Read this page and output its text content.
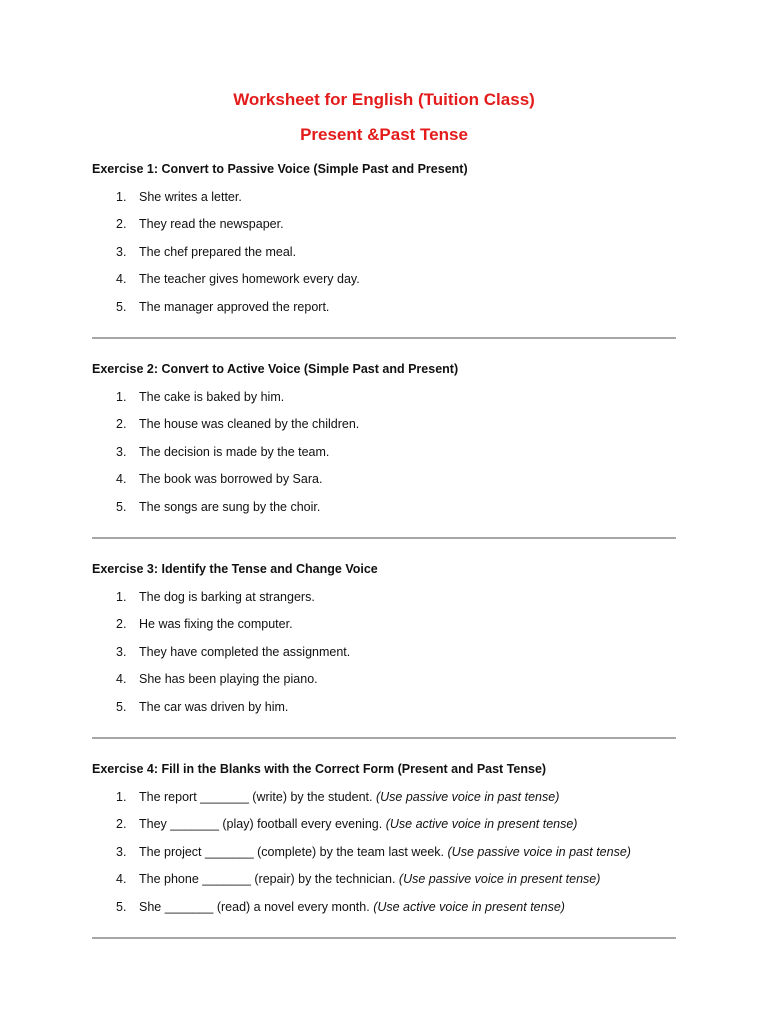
Worksheet for English (Tuition Class)
Present &Past Tense

Exercise 1: Convert to Passive Voice (Simple Past and Present)

1. She writes a letter.
2. They read the newspaper.
3. The chef prepared the meal.
4. The teacher gives homework every day.
5. The manager approved the report.

Exercise 2: Convert to Active Voice (Simple Past and Present)

1. The cake is baked by him.
2. The house was cleaned by the children.
3. The decision is made by the team.
4. The book was borrowed by Sara.
5. The songs are sung by the choir.

Exercise 3: Identify the Tense and Change Voice

1. The dog is barking at strangers.
2. He was fixing the computer.
3. They have completed the assignment.
4. She has been playing the piano.
5. The car was driven by him.

Exercise 4: Fill in the Blanks with the Correct Form (Present and Past Tense)

1. The report _______ (write) by the student. (Use passive voice in past tense)
2. They _______ (play) football every evening. (Use active voice in present tense)
3. The project _______ (complete) by the team last week. (Use passive voice in past tense)
4. The phone _______ (repair) by the technician. (Use passive voice in present tense)
5. She _______ (read) a novel every month. (Use active voice in present tense)
